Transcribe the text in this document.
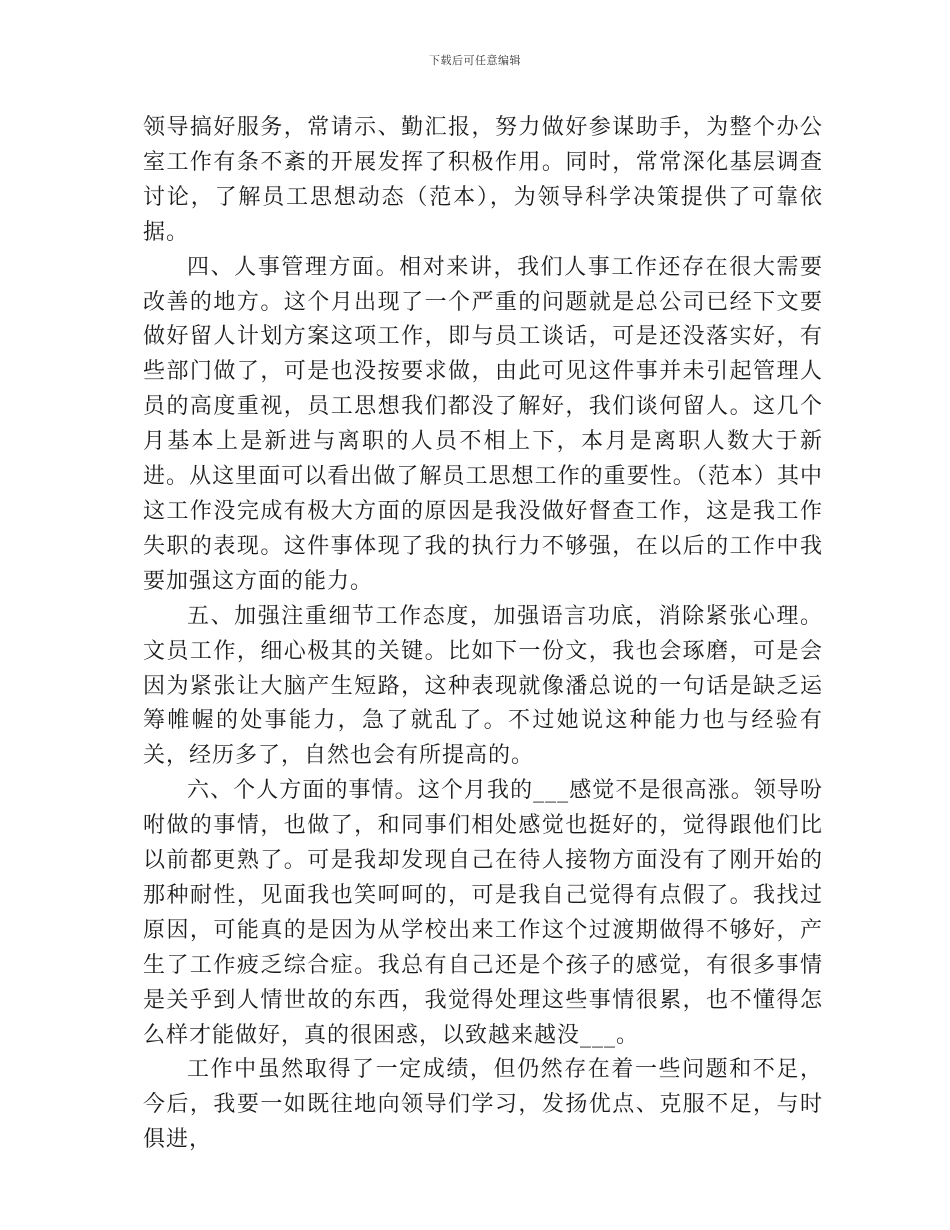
下载后可任意编辑

领导搞好服务，常请示、勤汇报，努力做好参谋助手，为整个办公室工作有条不紊的开展发挥了积极作用。同时，常常深化基层调查讨论，了解员工思想动态（范本），为领导科学决策提供了可靠依据。

四、人事管理方面。相对来讲，我们人事工作还存在很大需要改善的地方。这个月出现了一个严重的问题就是总公司已经下文要做好留人计划方案这项工作，即与员工谈话，可是还没落实好，有些部门做了，可是也没按要求做，由此可见这件事并未引起管理人员的高度重视，员工思想我们都没了解好，我们谈何留人。这几个月基本上是新进与离职的人员不相上下，本月是离职人数大于新进。从这里面可以看出做了解员工思想工作的重要性。（范本）其中这工作没完成有极大方面的原因是我没做好督查工作，这是我工作失职的表现。这件事体现了我的执行力不够强，在以后的工作中我要加强这方面的能力。

五、加强注重细节工作态度，加强语言功底，消除紧张心理。文员工作，细心极其的关键。比如下一份文，我也会琢磨，可是会因为紧张让大脑产生短路，这种表现就像潘总说的一句话是缺乏运筹帷幄的处事能力，急了就乱了。不过她说这种能力也与经验有关，经历多了，自然也会有所提高的。

六、个人方面的事情。这个月我的___感觉不是很高涨。领导吩咐做的事情，也做了，和同事们相处感觉也挺好的，觉得跟他们比以前都更熟了。可是我却发现自己在待人接物方面没有了刚开始的那种耐性，见面我也笑呵呵的，可是我自己觉得有点假了。我找过原因，可能真的是因为从学校出来工作这个过渡期做得不够好，产生了工作疲乏综合症。我总有自己还是个孩子的感觉，有很多事情是关乎到人情世故的东西，我觉得处理这些事情很累，也不懂得怎么样才能做好，真的很困惑，以致越来越没___。

工作中虽然取得了一定成绩，但仍然存在着一些问题和不足，今后，我要一如既往地向领导们学习，发扬优点、克服不足，与时俱进，
